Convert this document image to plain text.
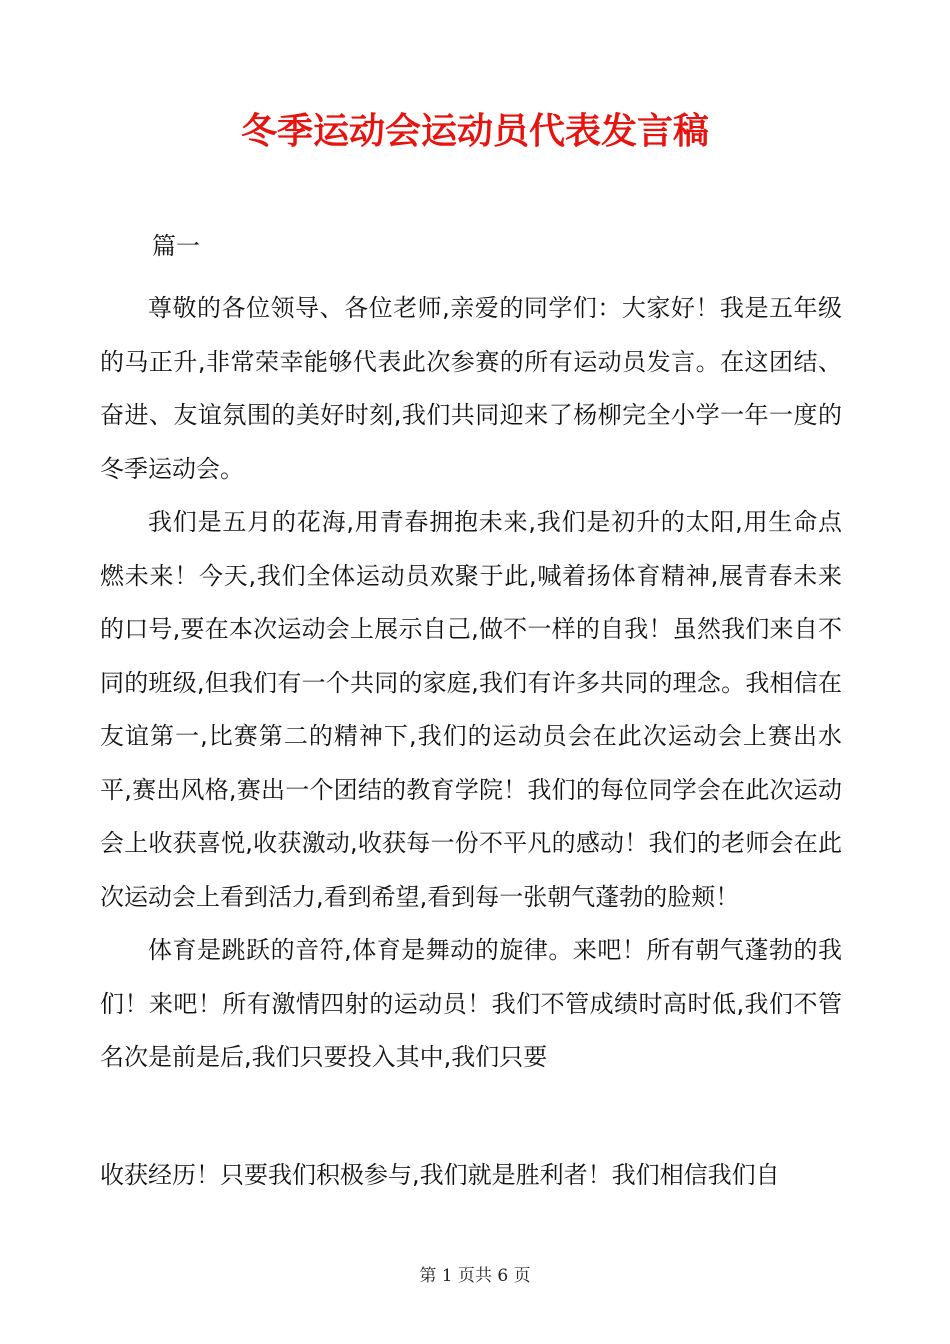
冬季运动会运动员代表发言稿

篇一

尊敬的各位领导、各位老师,亲爱的同学们：大家好！我是五年级的马正升,非常荣幸能够代表此次参赛的所有运动员发言。在这团结、奋进、友谊氛围的美好时刻,我们共同迎来了杨柳完全小学一年一度的冬季运动会。

我们是五月的花海,用青春拥抱未来,我们是初升的太阳,用生命点燃未来！今天,我们全体运动员欢聚于此,喊着扬体育精神,展青春未来的口号,要在本次运动会上展示自己,做不一样的自我！虽然我们来自不同的班级,但我们有一个共同的家庭,我们有许多共同的理念。我相信在友谊第一,比赛第二的精神下,我们的运动员会在此次运动会上赛出水平,赛出风格,赛出一个团结的教育学院！我们的每位同学会在此次运动会上收获喜悦,收获激动,收获每一份不平凡的感动！我们的老师会在此次运动会上看到活力,看到希望,看到每一张朝气蓬勃的脸颊！

体育是跳跃的音符,体育是舞动的旋律。来吧！所有朝气蓬勃的我们！来吧！所有激情四射的运动员！我们不管成绩时高时低,我们不管名次是前是后,我们只要投入其中,我们只要

收获经历！只要我们积极参与,我们就是胜利者！我们相信我们自

第 1 页共 6 页
